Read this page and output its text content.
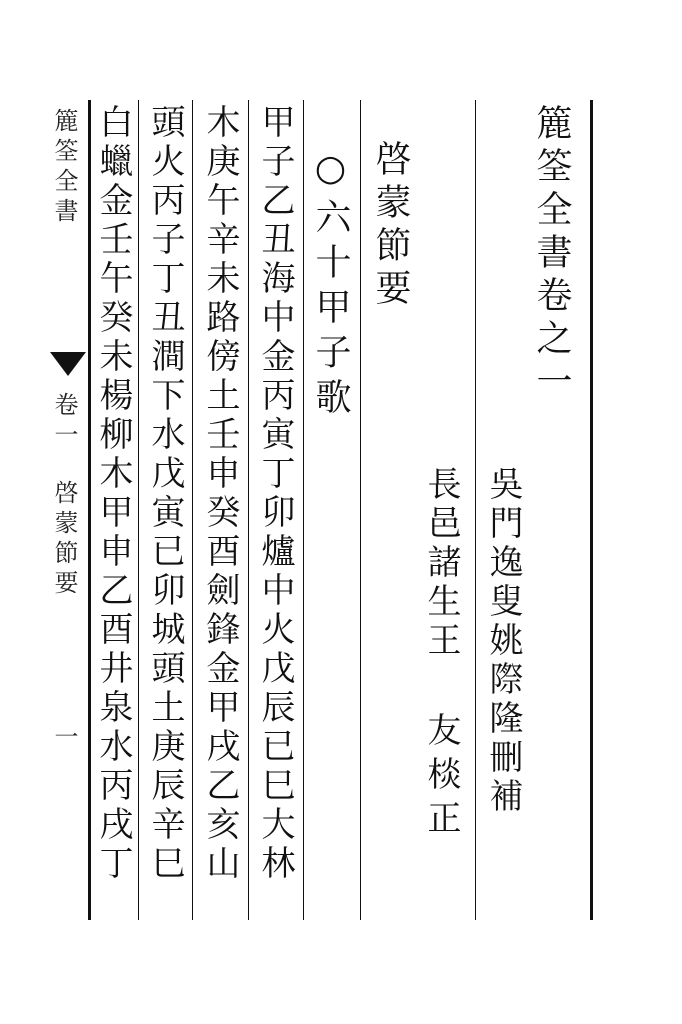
簏筌全書卷之一
吳門逸叟姚際隆刪補
長邑諸生王
友棪正
啓蒙節要
○六十甲子歌
甲子乙丑海中金丙寅丁卯爐中火戊辰已巳大林
木庚午辛未路傍土壬申癸酉劍鋒金甲戌乙亥山
頭火丙子丁丑澗下水戊寅已卯城頭土庚辰辛巳
白蠟金壬午癸未楊柳木甲申乙酉井泉水丙戌丁
簏筌全書
卷一
啓蒙節要
一
